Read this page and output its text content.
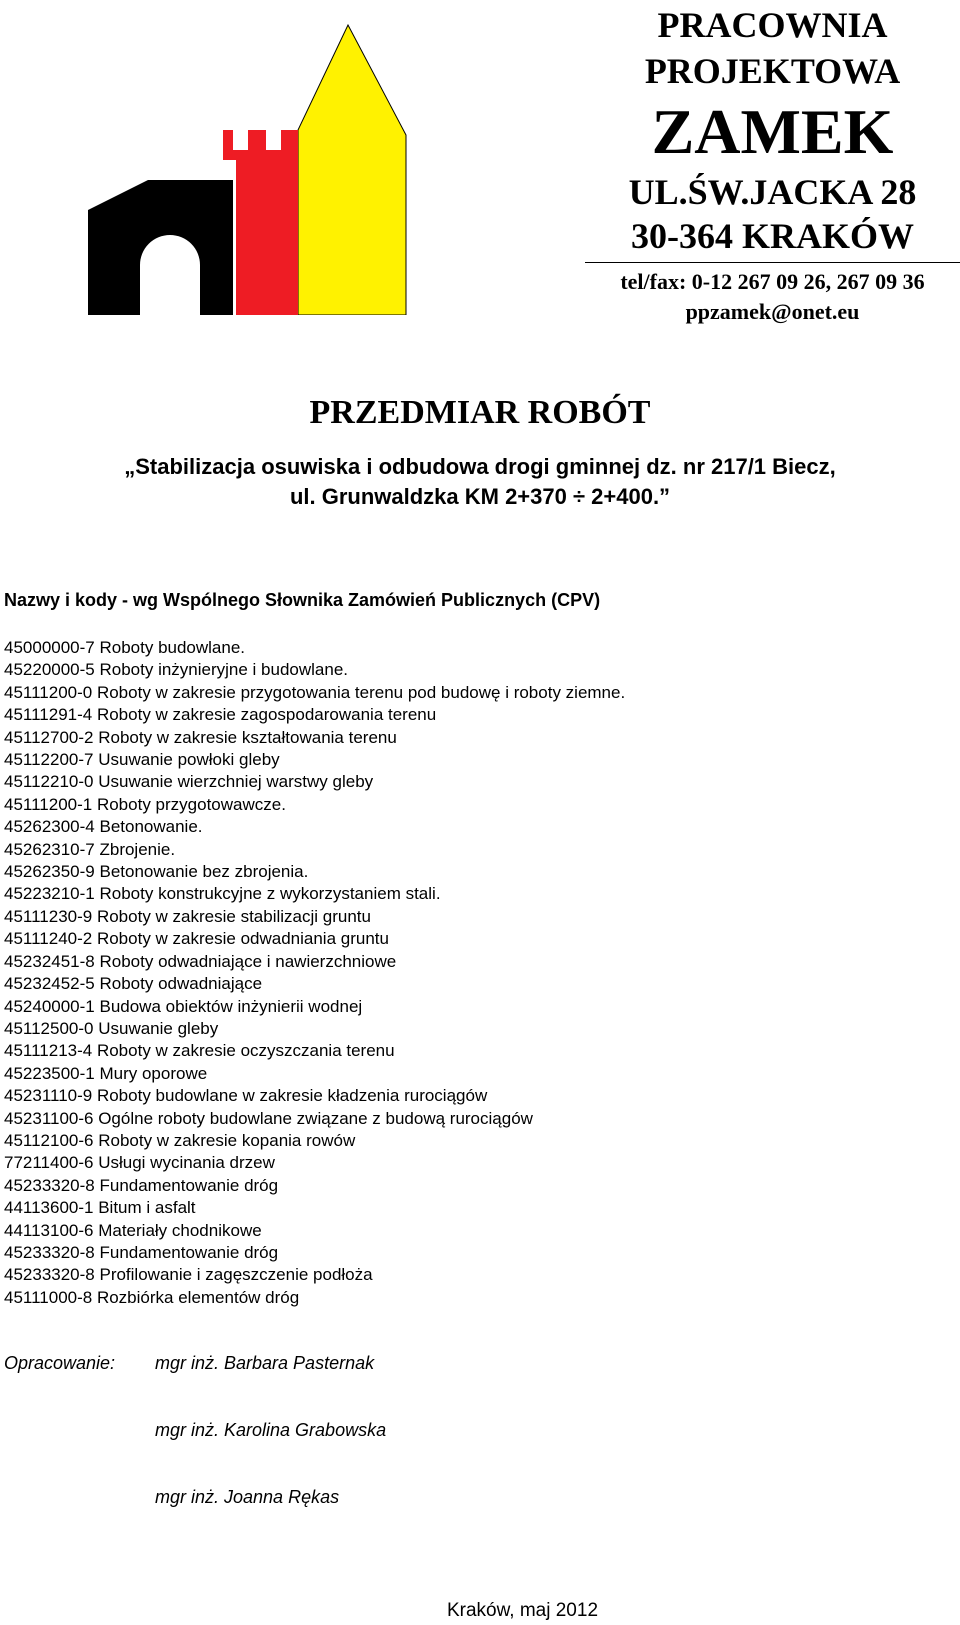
PRACOWNIA
PROJEKTOWA
ZAMEK
UL.ŚW.JACKA 28
30-364 KRAKÓW
tel/fax: 0-12 267 09 26, 267 09 36
ppzamek@onet.eu
PRZEDMIAR ROBÓT
„Stabilizacja osuwiska i odbudowa drogi gminnej dz. nr 217/1 Biecz,
ul. Grunwaldzka KM 2+370 ÷ 2+400.”
Nazwy i kody - wg Wspólnego Słownika Zamówień Publicznych (CPV)
45000000-7 Roboty budowlane.
45220000-5 Roboty inżynieryjne i budowlane.
45111200-0 Roboty w zakresie przygotowania terenu pod budowę i roboty ziemne.
45111291-4 Roboty w zakresie zagospodarowania terenu
45112700-2 Roboty w zakresie kształtowania terenu
45112200-7 Usuwanie powłoki gleby
45112210-0 Usuwanie wierzchniej warstwy gleby
45111200-1 Roboty przygotowawcze.
45262300-4 Betonowanie.
45262310-7 Zbrojenie.
45262350-9 Betonowanie bez zbrojenia.
45223210-1 Roboty konstrukcyjne z wykorzystaniem stali.
45111230-9 Roboty w zakresie stabilizacji gruntu
45111240-2 Roboty w zakresie odwadniania gruntu
45232451-8 Roboty odwadniające i nawierzchniowe
45232452-5 Roboty odwadniające
45240000-1 Budowa obiektów inżynierii wodnej
45112500-0 Usuwanie gleby
45111213-4 Roboty w zakresie oczyszczania terenu
45223500-1 Mury oporowe
45231110-9 Roboty budowlane w zakresie kładzenia rurociągów
45231100-6 Ogólne roboty budowlane związane z budową rurociągów
45112100-6 Roboty w zakresie kopania rowów
77211400-6 Usługi wycinania drzew
45233320-8 Fundamentowanie dróg
44113600-1 Bitum i asfalt
44113100-6 Materiały chodnikowe
45233320-8 Fundamentowanie dróg
45233320-8 Profilowanie i zagęszczenie podłoża
45111000-8 Rozbiórka elementów dróg
Opracowanie: mgr inż. Barbara Pasternak
mgr inż. Karolina Grabowska
mgr inż. Joanna Rękas
Kraków, maj 2012
